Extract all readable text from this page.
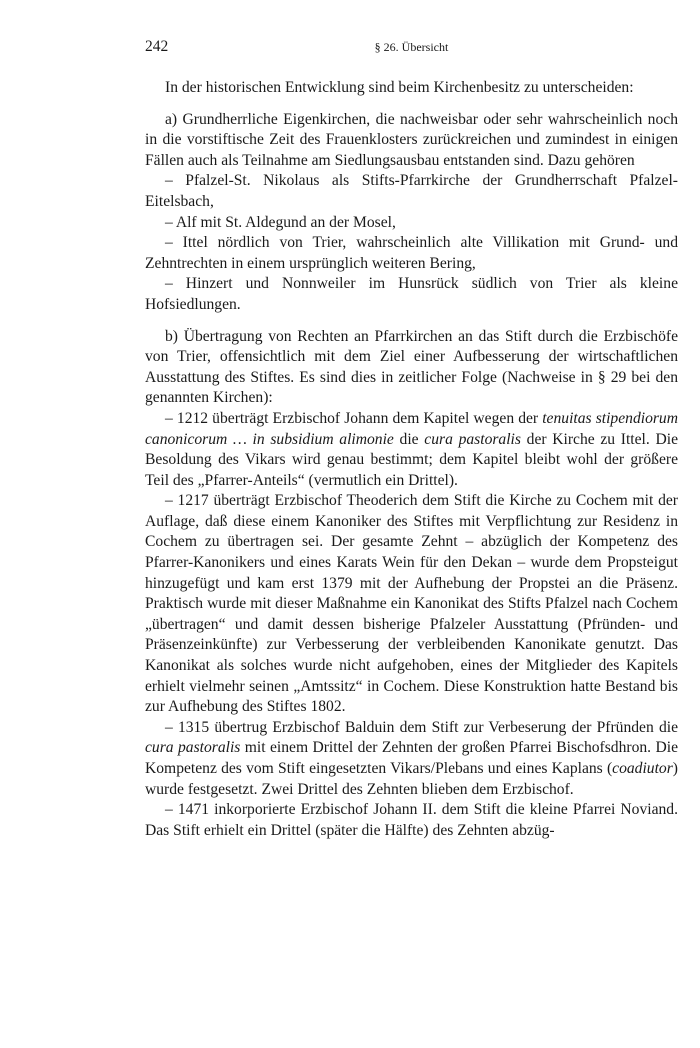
242	§ 26. Übersicht

In der historischen Entwicklung sind beim Kirchenbesitz zu unterscheiden:

a) Grundherrliche Eigenkirchen, die nachweisbar oder sehr wahrscheinlich noch in die vorstiftische Zeit des Frauenklosters zurückreichen und zumindest in einigen Fällen auch als Teilnahme am Siedlungsausbau entstanden sind. Dazu gehören

– Pfalzel-St. Nikolaus als Stifts-Pfarrkirche der Grundherrschaft Pfalzel-Eitelsbach,

– Alf mit St. Aldegund an der Mosel,

– Ittel nördlich von Trier, wahrscheinlich alte Villikation mit Grund- und Zehntrechten in einem ursprünglich weiteren Bering,

– Hinzert und Nonnweiler im Hunsrück südlich von Trier als kleine Hofsiedlungen.

b) Übertragung von Rechten an Pfarrkirchen an das Stift durch die Erzbischöfe von Trier, offensichtlich mit dem Ziel einer Aufbesserung der wirtschaftlichen Ausstattung des Stiftes. Es sind dies in zeitlicher Folge (Nachweise in § 29 bei den genannten Kirchen):

– 1212 überträgt Erzbischof Johann dem Kapitel wegen der tenuitas stipendiorum canonicorum … in subsidium alimonie die cura pastoralis der Kirche zu Ittel. Die Besoldung des Vikars wird genau bestimmt; dem Kapitel bleibt wohl der größere Teil des „Pfarrer-Anteils“ (vermutlich ein Drittel).

– 1217 überträgt Erzbischof Theoderich dem Stift die Kirche zu Cochem mit der Auflage, daß diese einem Kanoniker des Stiftes mit Verpflichtung zur Residenz in Cochem zu übertragen sei. Der gesamte Zehnt – abzüglich der Kompetenz des Pfarrer-Kanonikers und eines Karats Wein für den Dekan – wurde dem Propsteigut hinzugefügt und kam erst 1379 mit der Aufhebung der Propstei an die Präsenz. Praktisch wurde mit dieser Maßnahme ein Kanonikat des Stifts Pfalzel nach Cochem „übertragen“ und damit dessen bisherige Pfalzeler Ausstattung (Pfründen- und Präsenzeinkünfte) zur Verbesserung der verbleibenden Kanonikate genutzt. Das Kanonikat als solches wurde nicht aufgehoben, eines der Mitglieder des Kapitels erhielt vielmehr seinen „Amtssitz“ in Cochem. Diese Konstruktion hatte Bestand bis zur Aufhebung des Stiftes 1802.

– 1315 übertrug Erzbischof Balduin dem Stift zur Verbeserung der Pfründen die cura pastoralis mit einem Drittel der Zehnten der großen Pfarrei Bischofsdhron. Die Kompetenz des vom Stift eingesetzten Vikars/Plebans und eines Kaplans (coadiutor) wurde festgesetzt. Zwei Drittel des Zehnten blieben dem Erzbischof.

– 1471 inkorporierte Erzbischof Johann II. dem Stift die kleine Pfarrei Noviand. Das Stift erhielt ein Drittel (später die Hälfte) des Zehnten abzüg-
